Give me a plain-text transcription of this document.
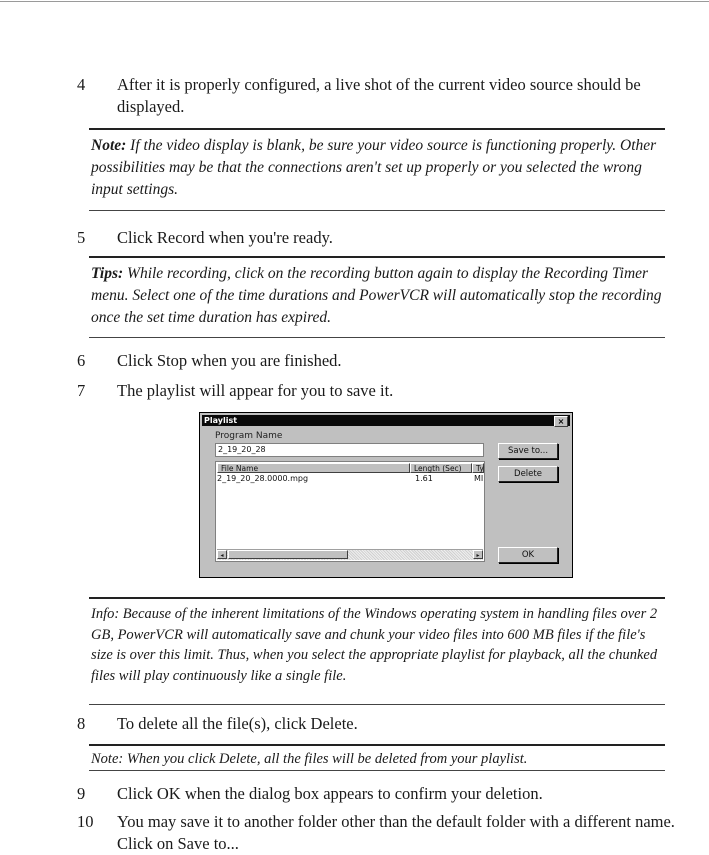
4 After it is properly configured, a live shot of the current video source should be displayed.
Note: If the video display is blank, be sure your video source is functioning properly. Other possibilities may be that the connections aren't set up properly or you selected the wrong input settings.
5 Click Record when you're ready.
Tips: While recording, click on the recording button again to display the Recording Timer menu. Select one of the time durations and PowerVCR will automatically stop the recording once the set time duration has expired.
6 Click Stop when you are finished.
7 The playlist will appear for you to save it.
Playlist	×
Program Name
2_19_20_28
File Name	Length (Sec)	Ty
2_19_20_28.0000.mpg	1.61	MI
◂	▸
Save to...
Delete
OK
Info: Because of the inherent limitations of the Windows operating system in handling files over 2 GB, PowerVCR will automatically save and chunk your video files into 600 MB files if the file's size is over this limit. Thus, when you select the appropriate playlist for playback, all the chunked files will play continuously like a single file.
8 To delete all the file(s), click Delete.
Note: When you click Delete, all the files will be deleted from your playlist.
9 Click OK when the dialog box appears to confirm your deletion.
10 You may save it to another folder other than the default folder with a different name. Click on Save to...
